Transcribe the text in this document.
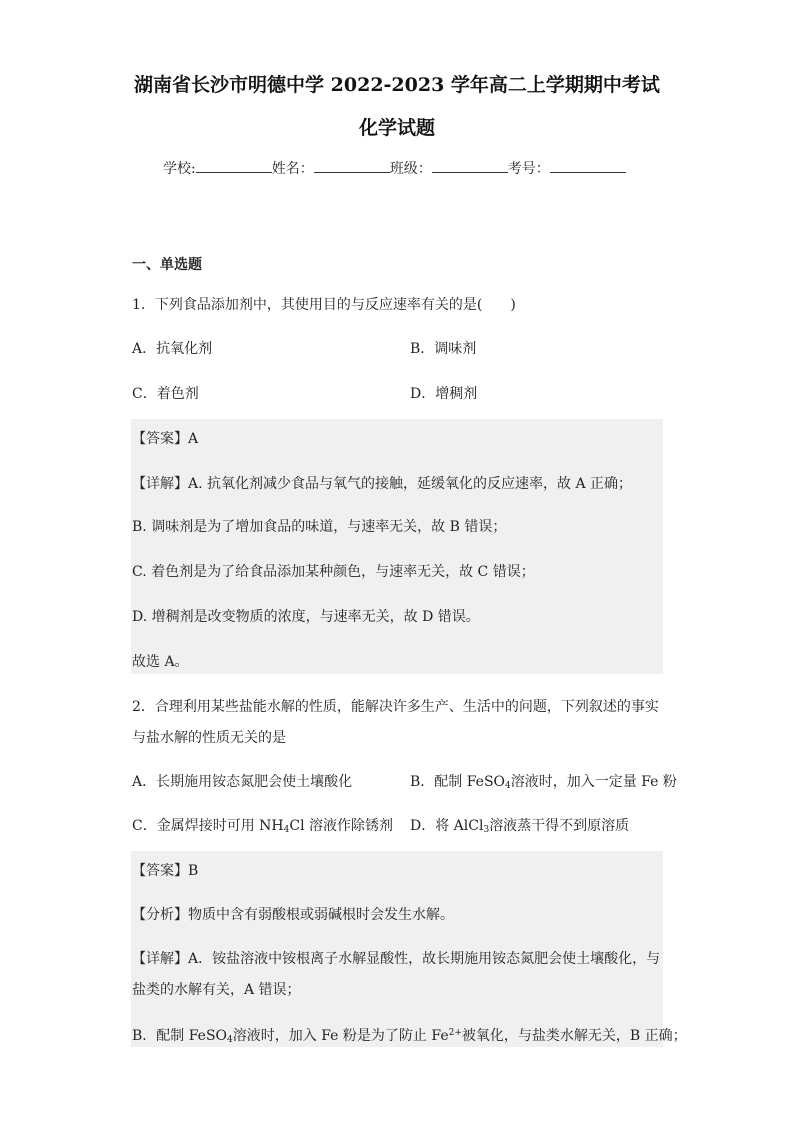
湖南省长沙市明德中学 2022-2023 学年高二上学期期中考试
化学试题
学校:	姓名：	班级：	考号：
一、单选题
1．下列食品添加剂中，其使用目的与反应速率有关的是(　　)
A．抗氧化剂	B．调味剂
C．着色剂	D．增稠剂
【答案】A
【详解】A. 抗氧化剂减少食品与氧气的接触，延缓氧化的反应速率，故 A 正确；
B. 调味剂是为了增加食品的味道，与速率无关，故 B 错误；
C. 着色剂是为了给食品添加某种颜色，与速率无关，故 C 错误；
D. 增稠剂是改变物质的浓度，与速率无关，故 D 错误。
故选 A。
2．合理利用某些盐能水解的性质，能解决许多生产、生活中的问题，下列叙述的事实
与盐水解的性质无关的是
A．长期施用铵态氮肥会使土壤酸化	B．配制 FeSO$_4$溶液时，加入一定量 Fe 粉
C．金属焊接时可用 $NH_4Cl$ 溶液作除锈剂 D．将 AlCl$_3$溶液蒸干得不到原溶质
【答案】B
【分析】物质中含有弱酸根或弱碱根时会发生水解。
【详解】A．铵盐溶液中铵根离子水解显酸性，故长期施用铵态氮肥会使土壤酸化，与
盐类的水解有关，A 错误；
B．配制 FeSO$_4$溶液时，加入 Fe 粉是为了防止 $Fe^{2+}$被氧化，与盐类水解无关，B 正确；
